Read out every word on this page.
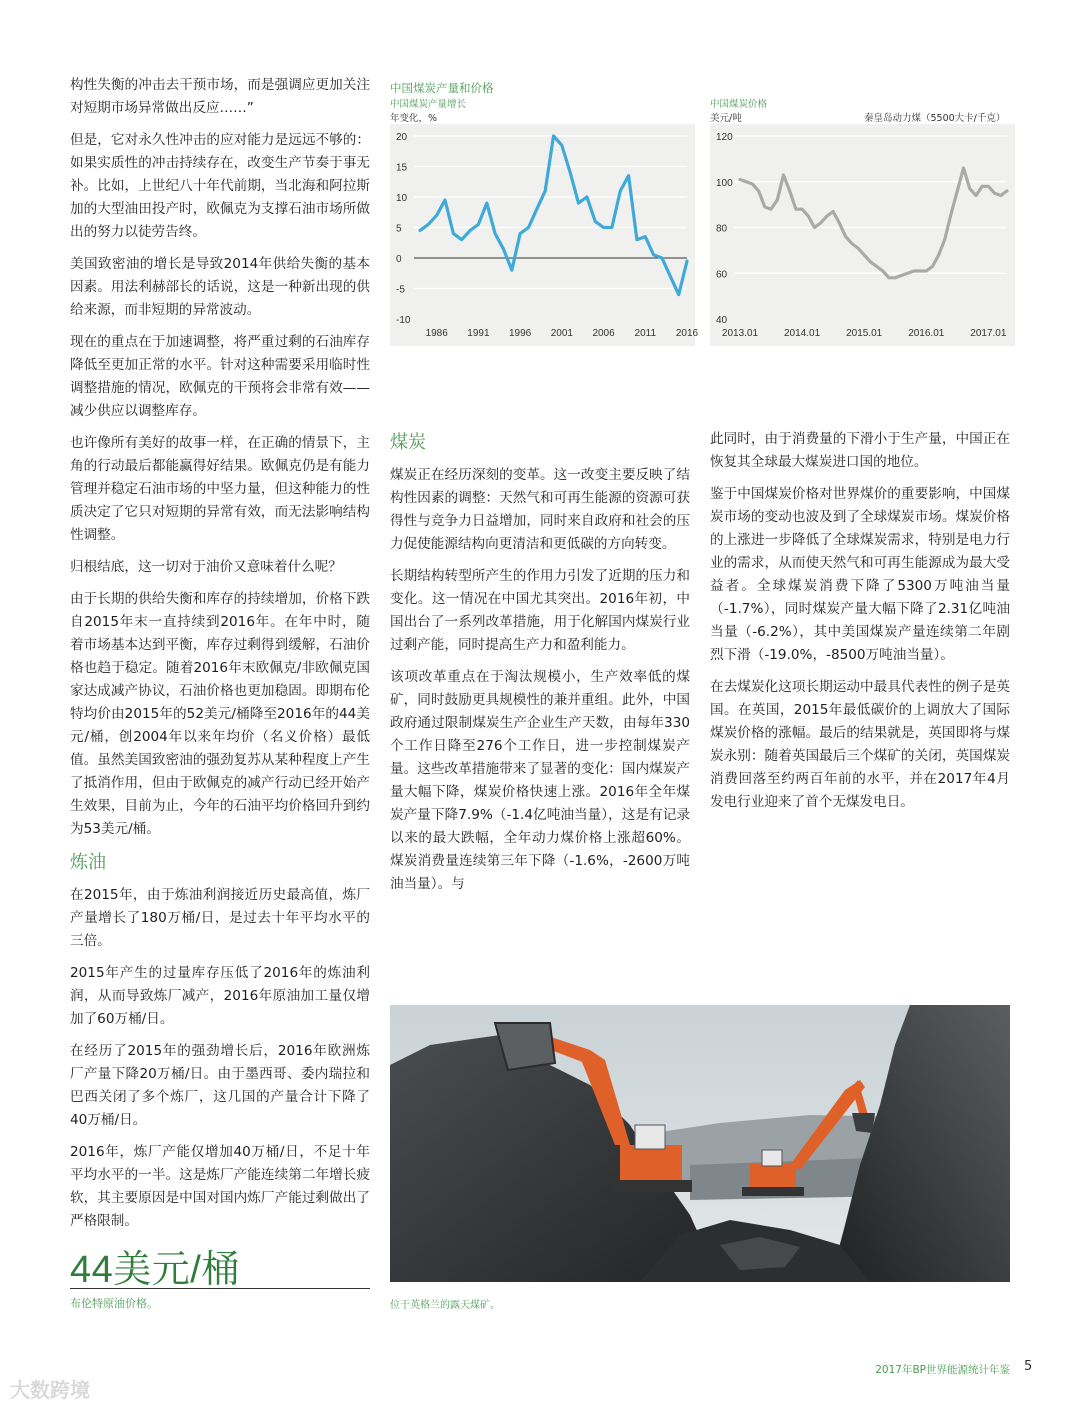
构性失衡的冲击去干预市场，而是强调应更加关注对短期市场异常做出反应……”

但是，它对永久性冲击的应对能力是远远不够的：如果实质性的冲击持续存在，改变生产节奏于事无补。比如，上世纪八十年代前期，当北海和阿拉斯加的大型油田投产时，欧佩克为支撑石油市场所做出的努力以徒劳告终。

美国致密油的增长是导致2014年供给失衡的基本因素。用法利赫部长的话说，这是一种新出现的供给来源，而非短期的异常波动。

现在的重点在于加速调整，将严重过剩的石油库存降低至更加正常的水平。针对这种需要采用临时性调整措施的情况，欧佩克的干预将会非常有效——减少供应以调整库存。

也许像所有美好的故事一样，在正确的情景下，主角的行动最后都能赢得好结果。欧佩克仍是有能力管理并稳定石油市场的中坚力量，但这种能力的性质决定了它只对短期的异常有效，而无法影响结构性调整。

归根结底，这一切对于油价又意味着什么呢？

由于长期的供给失衡和库存的持续增加，价格下跌自2015年末一直持续到2016年。在年中时，随着市场基本达到平衡，库存过剩得到缓解，石油价格也趋于稳定。随着2016年末欧佩克/非欧佩克国家达成减产协议，石油价格也更加稳固。即期布伦特均价由2015年的52美元/桶降至2016年的44美元/桶，创2004年以来年均价（名义价格）最低值。虽然美国致密油的强劲复苏从某种程度上产生了抵消作用，但由于欧佩克的减产行动已经开始产生效果，目前为止，今年的石油平均价格回升到约为53美元/桶。

炼油

在2015年，由于炼油利润接近历史最高值，炼厂产量增长了180万桶/日，是过去十年平均水平的三倍。

2015年产生的过量库存压低了2016年的炼油利润，从而导致炼厂减产，2016年原油加工量仅增加了60万桶/日。

在经历了2015年的强劲增长后，2016年欧洲炼厂产量下降20万桶/日。由于墨西哥、委内瑞拉和巴西关闭了多个炼厂，这几国的产量合计下降了40万桶/日。

2016年，炼厂产能仅增加40万桶/日，不足十年平均水平的一半。这是炼厂产能连续第二年增长疲软，其主要原因是中国对国内炼厂产能过剩做出了严格限制。

中国煤炭产量和价格
中国煤炭产量增长
年变化，%
20
15
10
5
0
-5
-10
1986 1991 1996 2001 2006 2011 2016
中国煤炭价格
美元/吨	秦皇岛动力煤（5500大卡/千克）
120
100
80
60
40
2013.01	2014.01	2015.01	2016.01	2017.01
煤炭

煤炭正在经历深刻的变革。这一改变主要反映了结构性因素的调整：天然气和可再生能源的资源可获得性与竞争力日益增加，同时来自政府和社会的压力促使能源结构向更清洁和更低碳的方向转变。

长期结构转型所产生的作用力引发了近期的压力和变化。这一情况在中国尤其突出。2016年初，中国出台了一系列改革措施，用于化解国内煤炭行业过剩产能，同时提高生产力和盈利能力。

该项改革重点在于淘汰规模小，生产效率低的煤矿，同时鼓励更具规模性的兼并重组。此外，中国政府通过限制煤炭生产企业生产天数，由每年330个工作日降至276个工作日，进一步控制煤炭产量。这些改革措施带来了显著的变化：国内煤炭产量大幅下降，煤炭价格快速上涨。2016年全年煤炭产量下降7.9%（-1.4亿吨油当量），这是有记录以来的最大跌幅，全年动力煤价格上涨超60%。煤炭消费量连续第三年下降（-1.6%，-2600万吨油当量）。与

此同时，由于消费量的下滑小于生产量，中国正在恢复其全球最大煤炭进口国的地位。

鉴于中国煤炭价格对世界煤价的重要影响，中国煤炭市场的变动也波及到了全球煤炭市场。煤炭价格的上涨进一步降低了全球煤炭需求，特别是电力行业的需求，从而使天然气和可再生能源成为最大受益者。全球煤炭消费下降了5300万吨油当量（-1.7%），同时煤炭产量大幅下降了2.31亿吨油当量（-6.2%），其中美国煤炭产量连续第二年剧烈下滑（-19.0%，-8500万吨油当量）。

在去煤炭化这项长期运动中最具代表性的例子是英国。在英国，2015年最低碳价的上调放大了国际煤炭价格的涨幅。最后的结果就是，英国即将与煤炭永别：随着英国最后三个煤矿的关闭，英国煤炭消费回落至约两百年前的水平，并在2017年4月发电行业迎来了首个无煤发电日。

位于英格兰的露天煤矿。
44美元/桶
布伦特原油价格。
2017年BP世界能源统计年鉴 5
大数跨境
